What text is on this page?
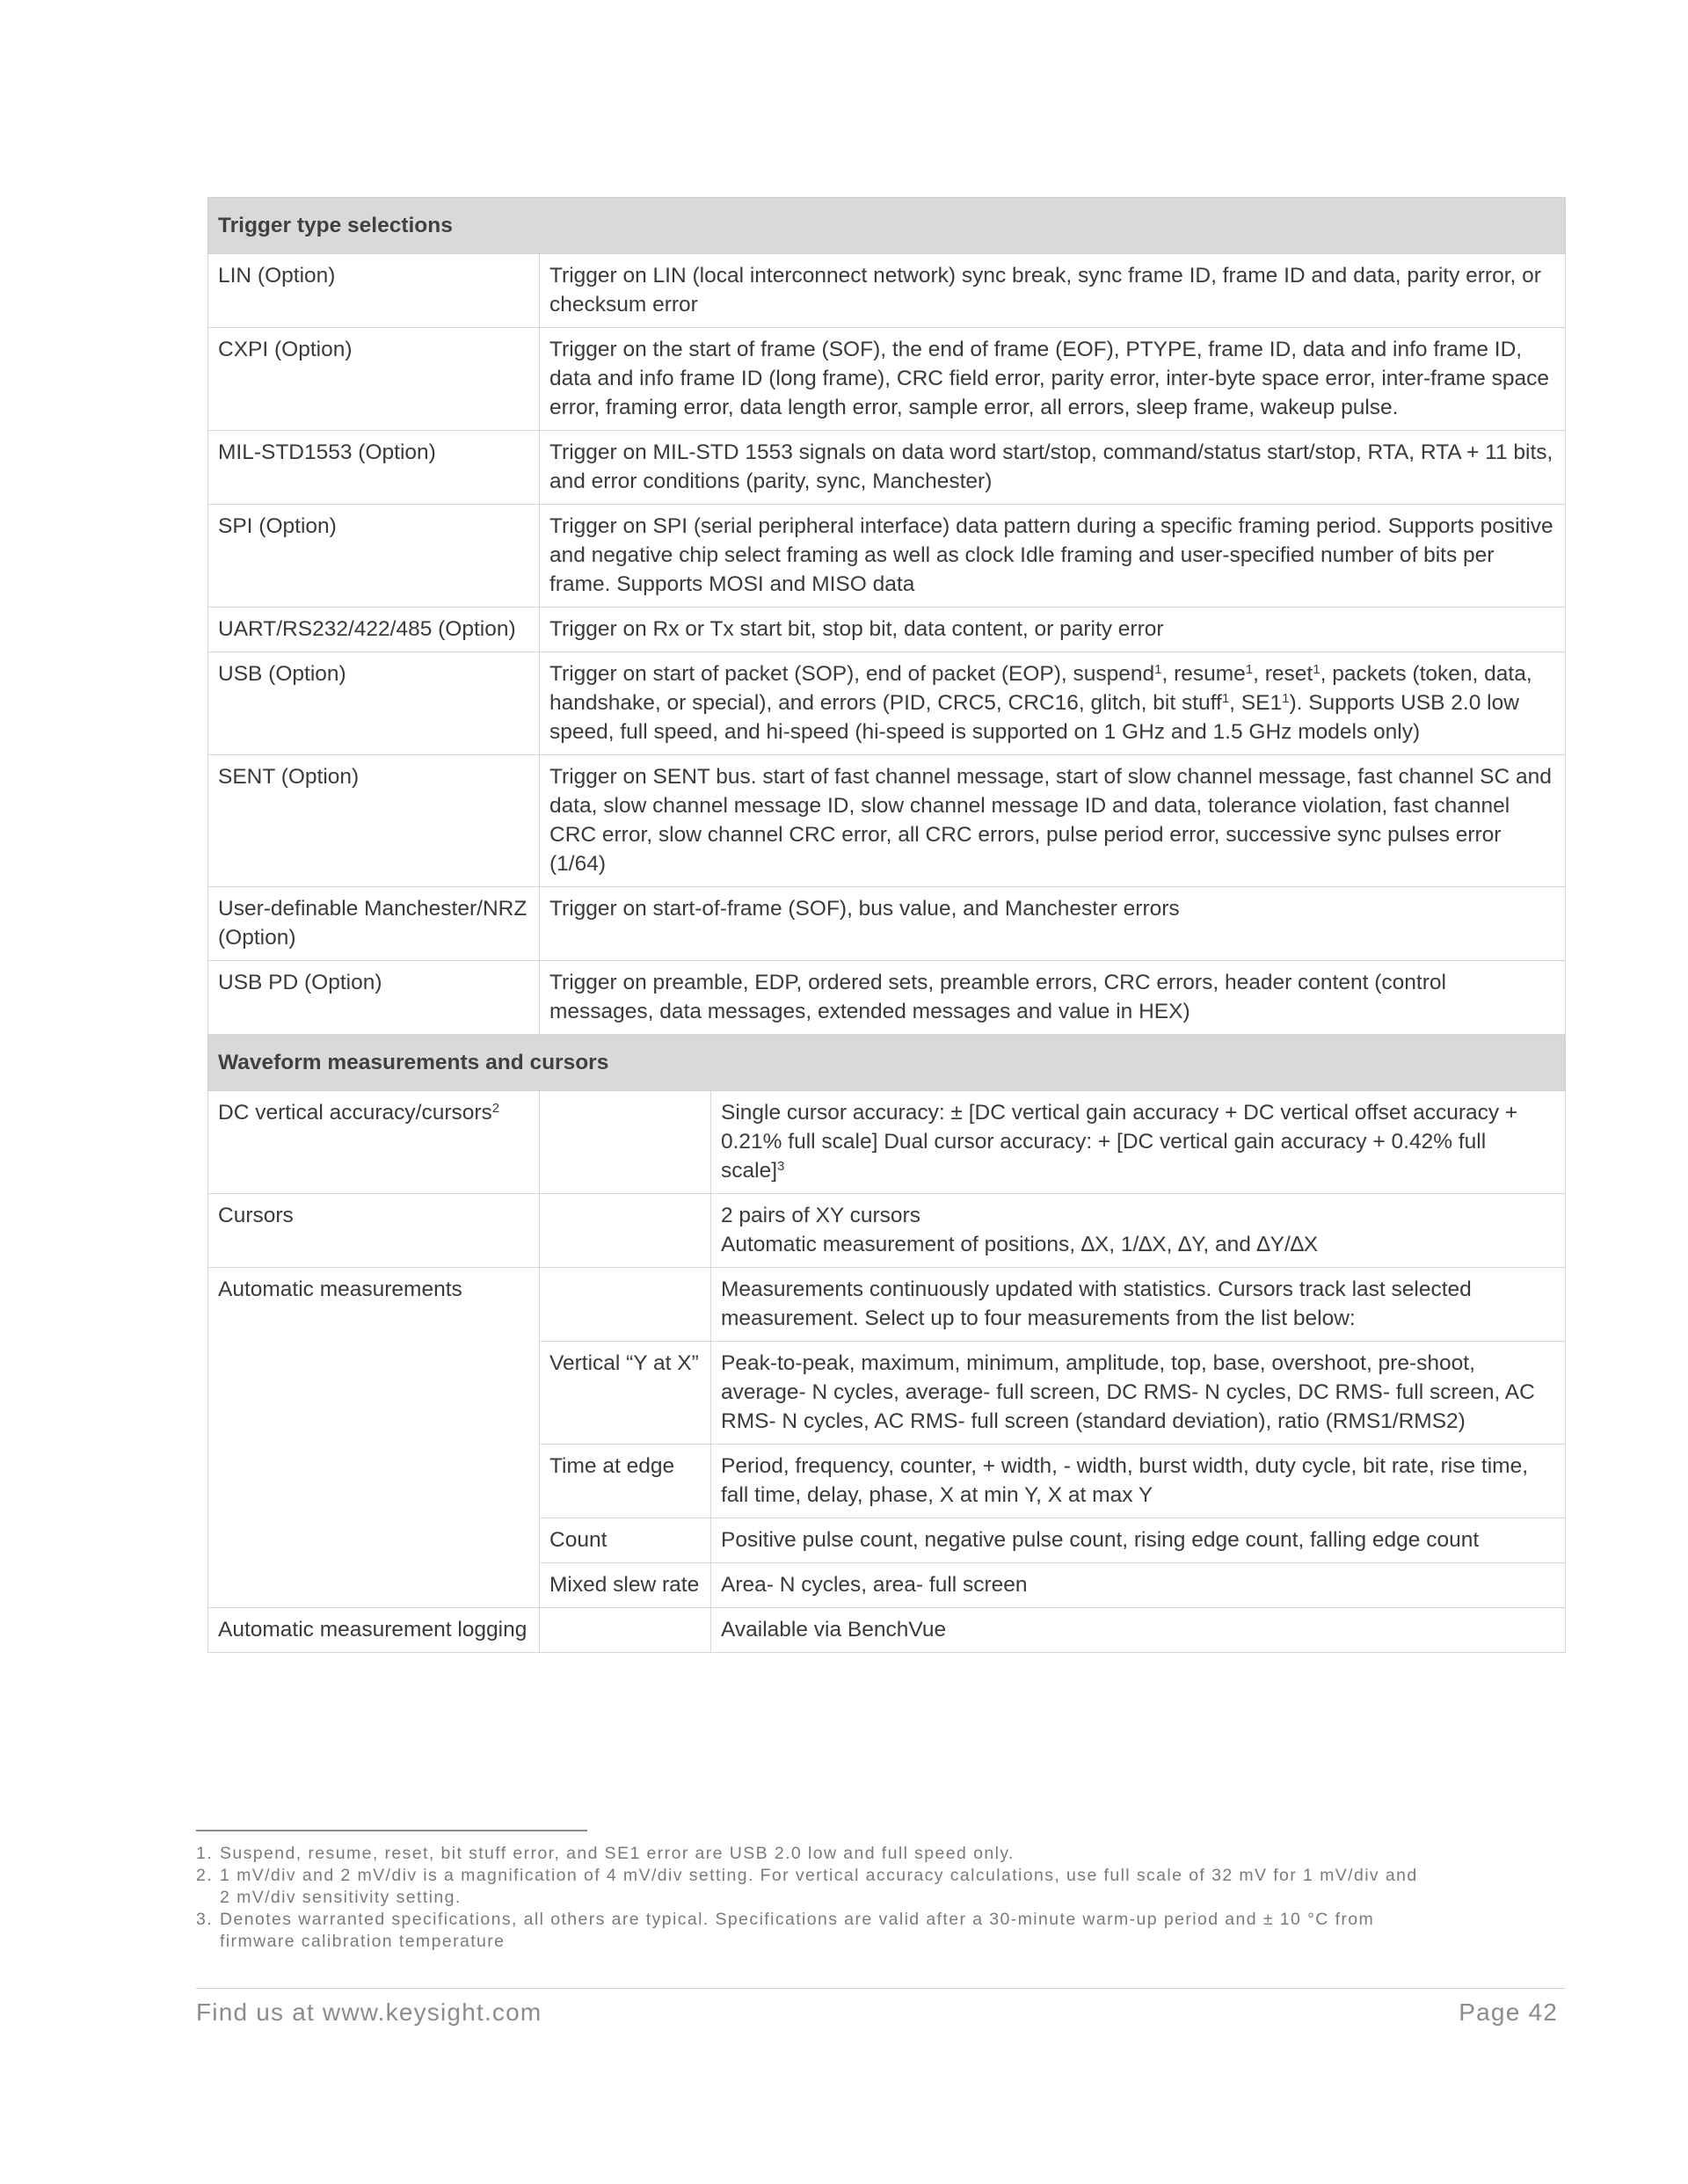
Trigger type selections		
LIN (Option)	Trigger on LIN (local interconnect network) sync break, sync frame ID, frame ID and data, parity error, or checksum error	
CXPI (Option)	Trigger on the start of frame (SOF), the end of frame (EOF), PTYPE, frame ID, data and info frame ID, data and info frame ID (long frame), CRC field error, parity error, inter-byte space error, inter-frame space error, framing error, data length error, sample error, all errors, sleep frame, wakeup pulse.	
MIL-STD1553 (Option)	Trigger on MIL-STD 1553 signals on data word start/stop, command/status start/stop, RTA, RTA + 11 bits, and error conditions (parity, sync, Manchester)	
SPI (Option)	Trigger on SPI (serial peripheral interface) data pattern during a specific framing period. Supports positive and negative chip select framing as well as clock Idle framing and user-specified number of bits per frame. Supports MOSI and MISO data	
UART/RS232/422/485 (Option)	Trigger on Rx or Tx start bit, stop bit, data content, or parity error	
USB (Option)	Trigger on start of packet (SOP), end of packet (EOP), suspend$^1$, resume$^1$, reset$^1$, packets (token, data, handshake, or special), and errors (PID, CRC5, CRC16, glitch, bit stuff$^1$, $SE1^1$). Supports USB 2.0 low speed, full speed, and hi-speed (hi-speed is supported on 1 GHz and 1.5 GHz models only)	
SENT (Option)	Trigger on SENT bus. start of fast channel message, start of slow channel message, fast channel SC and data, slow channel message ID, slow channel message ID and data, tolerance violation, fast channel CRC error, slow channel CRC error, all CRC errors, pulse period error, successive sync pulses error (1/64)	
User-definable Manchester/NRZ (Option)	Trigger on start-of-frame (SOF), bus value, and Manchester errors	
USB PD (Option)	Trigger on preamble, EDP, ordered sets, preamble errors, CRC errors, header content (control messages, data messages, extended messages and value in HEX)	
Waveform measurements and cursors		
DC vertical accuracy/cursors$^2$		Single cursor accuracy: ± [DC vertical gain accuracy + DC vertical offset accuracy + 0.21% full scale] Dual cursor accuracy: + [DC vertical gain accuracy + 0.42% full scale]$^3$
Cursors		2 pairs of XY cursors
Automatic measurement of positions, ∆X, 1/∆X, ∆Y, and ∆Y/∆X

Automatic measurements		Measurements continuously updated with statistics. Cursors track last selected measurement. Select up to four measurements from the list below:
	Vertical “Y at X”	Peak-to-peak, maximum, minimum, amplitude, top, base, overshoot, pre-shoot, average- N cycles, average- full screen, DC RMS- N cycles, DC RMS- full screen, AC RMS- N cycles, AC RMS- full screen (standard deviation), ratio (RMS1/RMS2)
	Time at edge	Period, frequency, counter, + width, - width, burst width, duty cycle, bit rate, rise time, fall time, delay, phase, X at min Y, X at max Y
	Count	Positive pulse count, negative pulse count, rising edge count, falling edge count
	Mixed slew rate	Area- N cycles, area- full screen
Automatic measurement logging		Available via BenchVue
1. Suspend, resume, reset, bit stuff error, and SE1 error are USB 2.0 low and full speed only.
2. 1 mV/div and 2 mV/div is a magnification of 4 mV/div setting. For vertical accuracy calculations, use full scale of 32 mV for 1 mV/div and 2 mV/div sensitivity setting.
3. Denotes warranted specifications, all others are typical. Specifications are valid after a 30-minute warm-up period and ± 10 °C from firmware calibration temperature
Find us at www.keysight.com	Page 42
